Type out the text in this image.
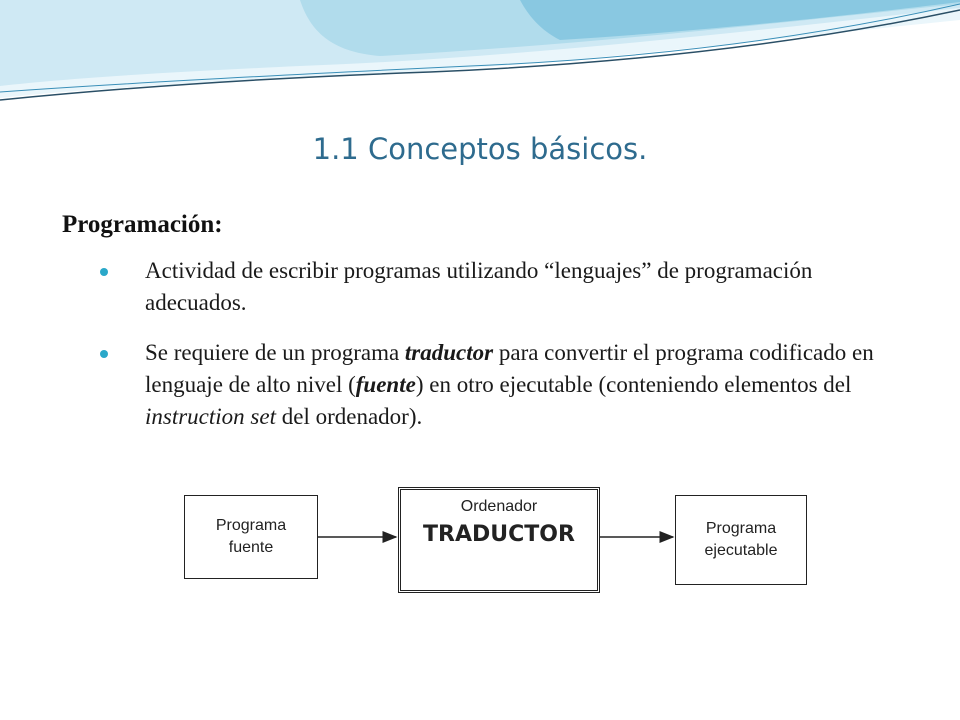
1.1 Conceptos básicos.
Programación:
Actividad de escribir programas utilizando “lenguajes” de programación adecuados.
Se requiere de un programa traductor para convertir el programa codificado en lenguaje de alto nivel (fuente) en otro ejecutable (conteniendo elementos del instruction set del ordenador).
Programa
fuente
Ordenador
TRADUCTOR	Programa
ejecutable
